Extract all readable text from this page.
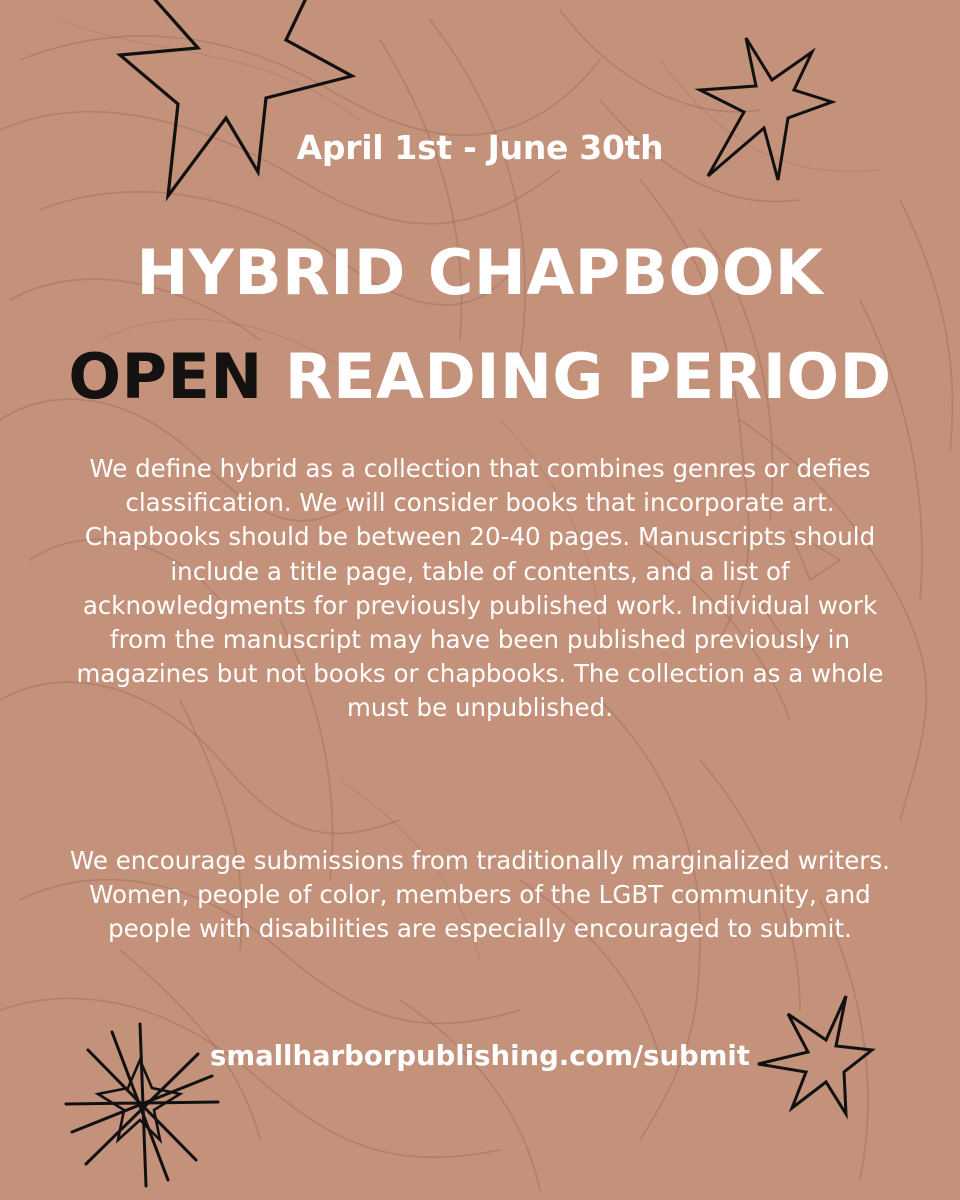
April 1st - June 30th
HYBRID CHAPBOOK
OPEN READING PERIOD
We define hybrid as a collection that combines genres or defies classification. We will consider books that incorporate art. Chapbooks should be between 20-40 pages. Manuscripts should include a title page, table of contents, and a list of acknowledgments for previously published work. Individual work from the manuscript may have been published previously in magazines but not books or chapbooks. The collection as a whole must be unpublished.
We encourage submissions from traditionally marginalized writers. Women, people of color, members of the LGBT community, and people with disabilities are especially encouraged to submit.
smallharborpublishing.com/submit
